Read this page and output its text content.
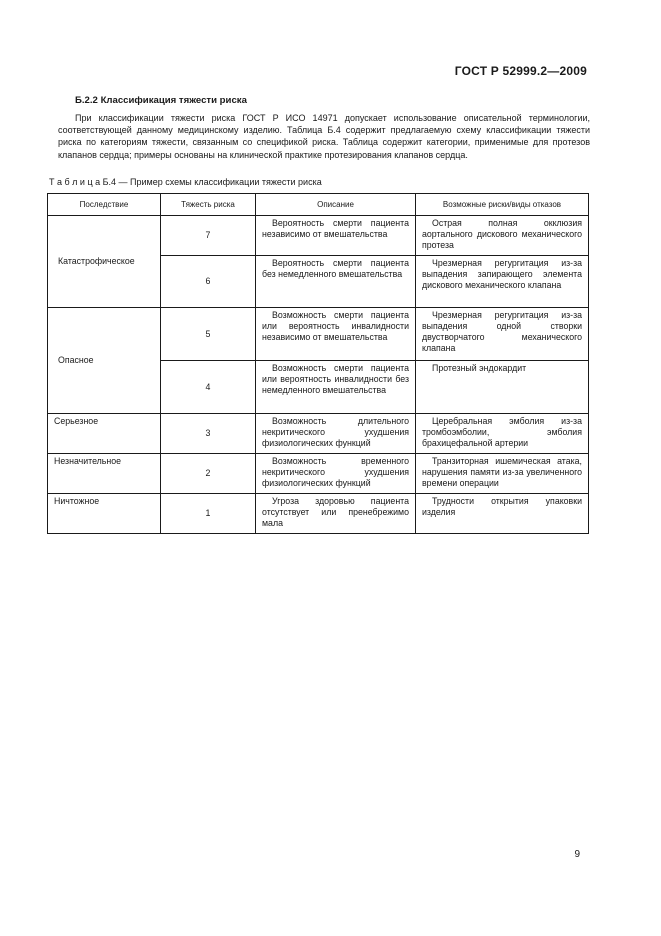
ГОСТ Р 52999.2—2009
Б.2.2 Классификация тяжести риска

При классификации тяжести риска ГОСТ Р ИСО 14971 допускает использование описательной терминологии, соответствующей данному медицинскому изделию. Таблица Б.4 содержит предлагаемую схему классификации тяжести риска по категориям тяжести, связанным со спецификой риска. Таблица содержит категории, применимые для протезов клапанов сердца; примеры основаны на клинической практике протезирования клапанов сердца.

Т а б л и ц а Б.4 — Пример схемы классификации тяжести риска
Последствие	Тяжесть риска	Описание	Возможные риски/виды отказов
Катастрофическое	7	Вероятность смерти пациента независимо от вмешательства	Острая полная окклюзия аортального дискового механического протеза
	6	Вероятность смерти пациента без немедленного вмешательства	Чрезмерная регургитация из-за выпадения запирающего элемента дискового механического клапана
Опасное	5	Возможность смерти пациента или вероятность инвалидности независимо от вмешательства	Чрезмерная регургитация из-за выпадения одной створки двустворчатого механического клапана
	4	Возможность смерти пациента или вероятность инвалидности без немедленного вмешательства	Протезный эндокардит
Серьезное	3	Возможность длительного некритического ухудшения физиологических функций	Церебральная эмболия из-за тромбоэмболии, эмболия брахицефальной артерии
Незначительное	2	Возможность временного некритического ухудшения физиологических функций	Транзиторная ишемическая атака, нарушения памяти из-за увеличенного времени операции
Ничтожное	1	Угроза здоровью пациента отсутствует или пренебрежимо мала	Трудности открытия упаковки изделия
9
